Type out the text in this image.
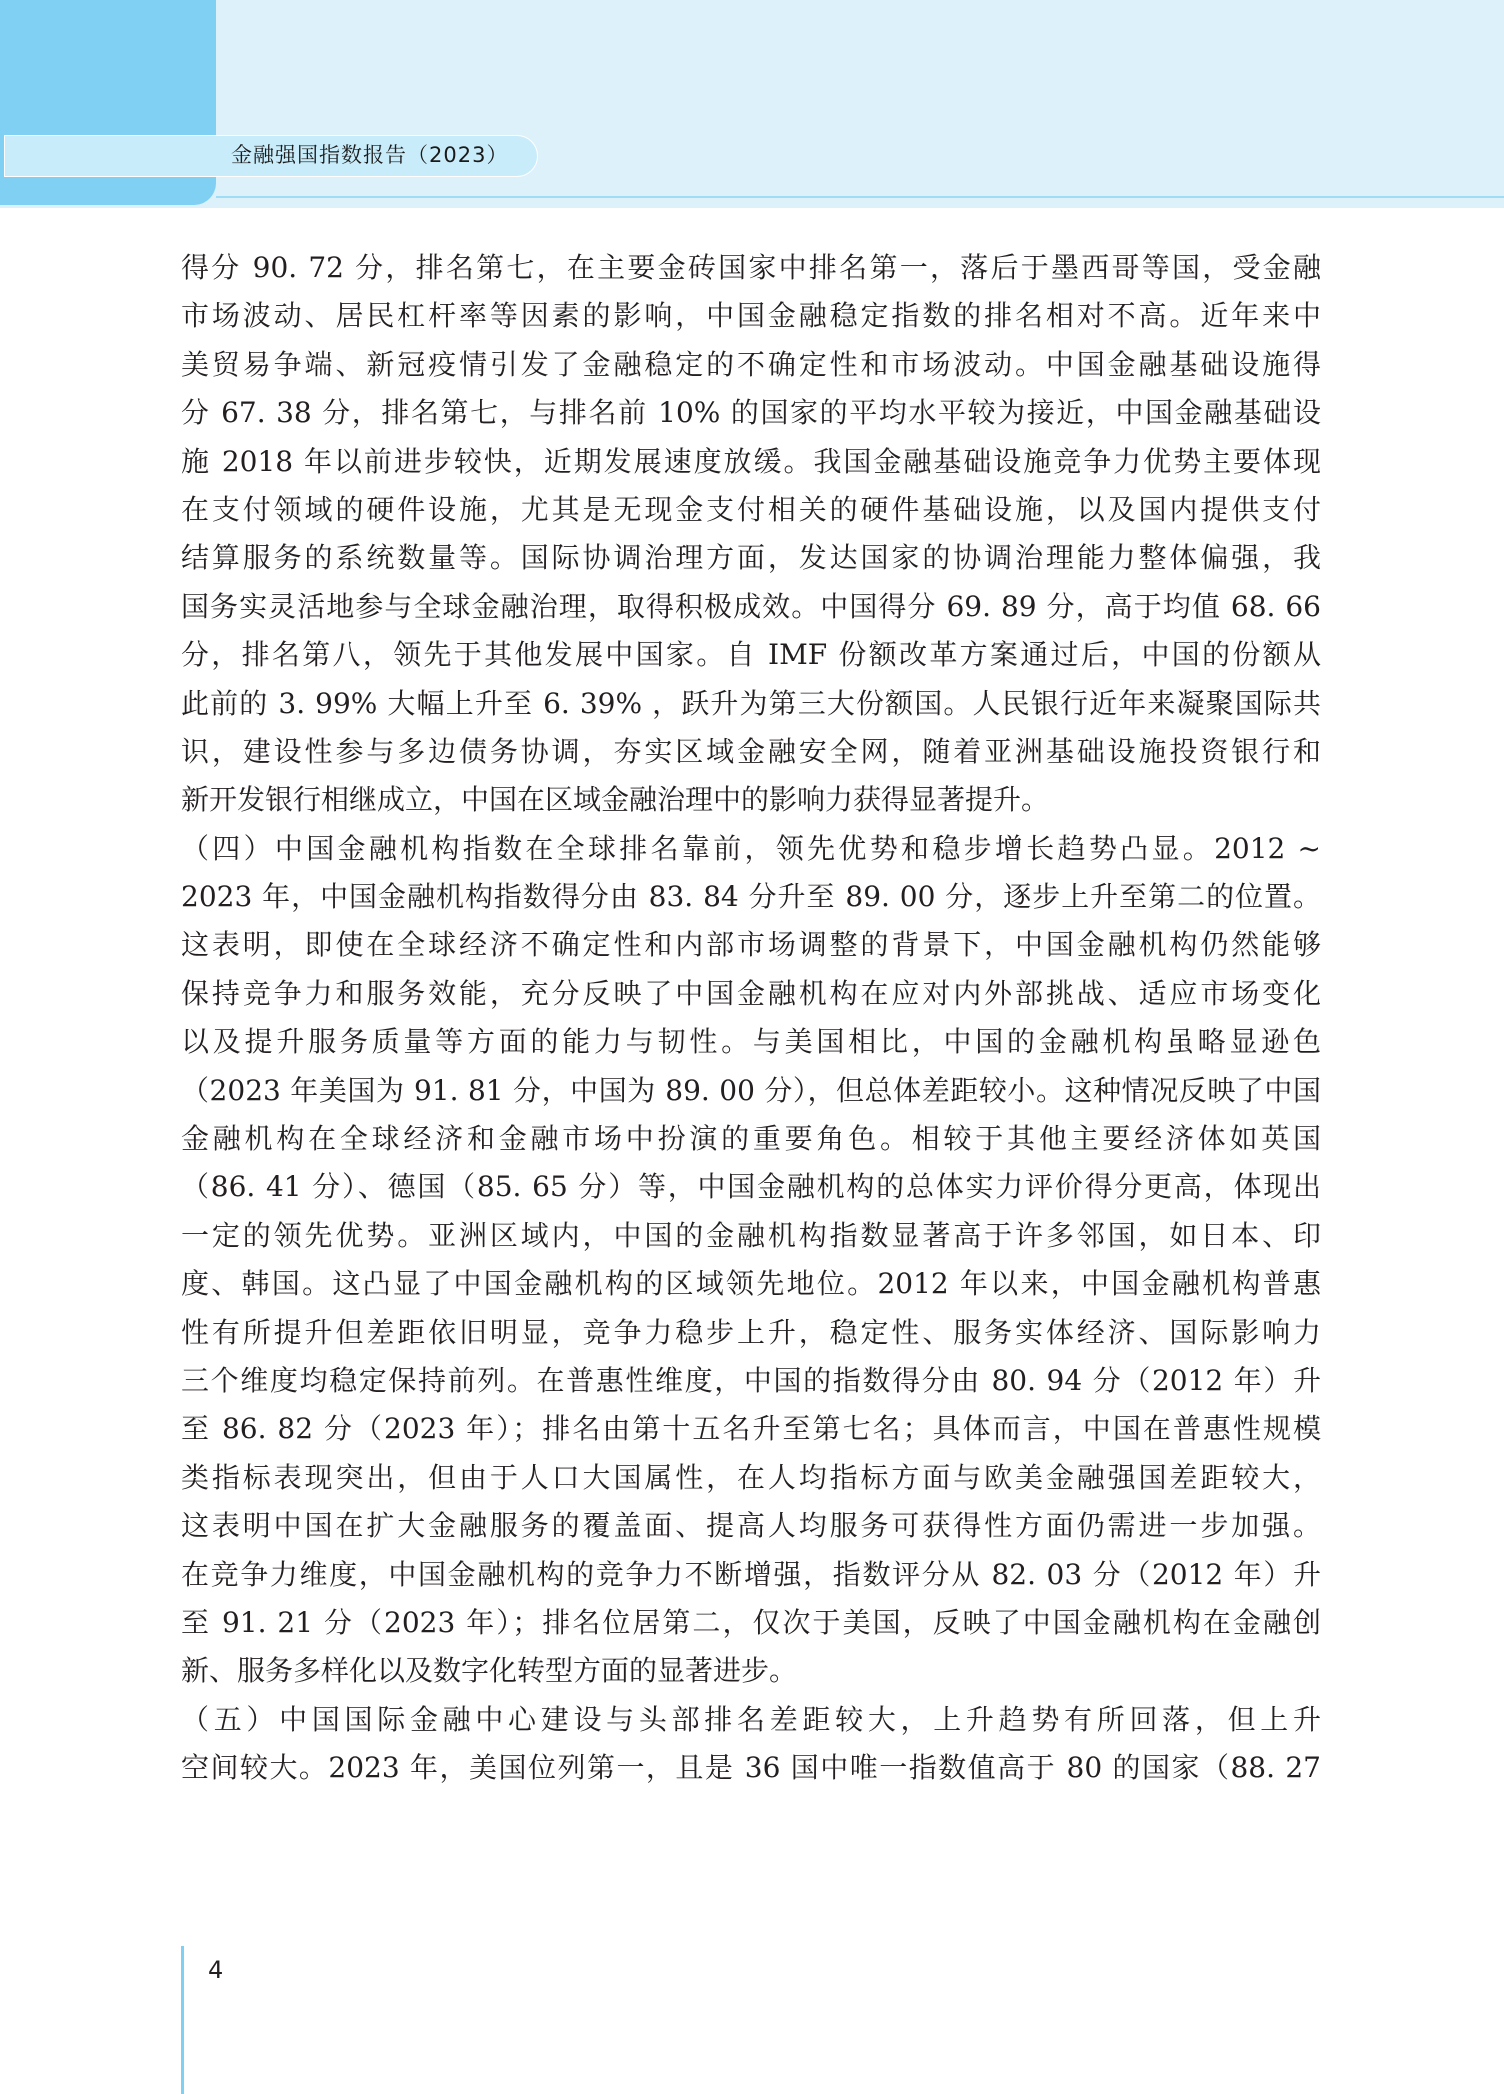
金融强国指数报告（2023）
得分 90. 72 分，排名第七，在主要金砖国家中排名第一，落后于墨西哥等国，受金融
市场波动、居民杠杆率等因素的影响，中国金融稳定指数的排名相对不高。近年来中
美贸易争端、新冠疫情引发了金融稳定的不确定性和市场波动。中国金融基础设施得
分 67. 38 分，排名第七，与排名前 10% 的国家的平均水平较为接近，中国金融基础设
施 2018 年以前进步较快，近期发展速度放缓。我国金融基础设施竞争力优势主要体现
在支付领域的硬件设施，尤其是无现金支付相关的硬件基础设施，以及国内提供支付
结算服务的系统数量等。国际协调治理方面，发达国家的协调治理能力整体偏强，我
国务实灵活地参与全球金融治理，取得积极成效。中国得分 69. 89 分，高于均值 68. 66
分，排名第八，领先于其他发展中国家。自 IMF 份额改革方案通过后，中国的份额从
此前的 3. 99% 大幅上升至 6. 39% ，跃升为第三大份额国。人民银行近年来凝聚国际共
识，建设性参与多边债务协调，夯实区域金融安全网，随着亚洲基础设施投资银行和
新开发银行相继成立，中国在区域金融治理中的影响力获得显著提升。
（四）中国金融机构指数在全球排名靠前，领先优势和稳步增长趋势凸显。2012 ~
2023 年，中国金融机构指数得分由 83. 84 分升至 89. 00 分，逐步上升至第二的位置。
这表明，即使在全球经济不确定性和内部市场调整的背景下，中国金融机构仍然能够
保持竞争力和服务效能，充分反映了中国金融机构在应对内外部挑战、适应市场变化
以及提升服务质量等方面的能力与韧性。与美国相比，中国的金融机构虽略显逊色
（2023 年美国为 91. 81 分，中国为 89. 00 分），但总体差距较小。这种情况反映了中国
金融机构在全球经济和金融市场中扮演的重要角色。相较于其他主要经济体如英国
（86. 41 分）、德国（85. 65 分）等，中国金融机构的总体实力评价得分更高，体现出
一定的领先优势。亚洲区域内，中国的金融机构指数显著高于许多邻国，如日本、印
度、韩国。这凸显了中国金融机构的区域领先地位。2012 年以来，中国金融机构普惠
性有所提升但差距依旧明显，竞争力稳步上升，稳定性、服务实体经济、国际影响力
三个维度均稳定保持前列。在普惠性维度，中国的指数得分由 80. 94 分（2012 年）升
至 86. 82 分（2023 年）；排名由第十五名升至第七名；具体而言，中国在普惠性规模
类指标表现突出，但由于人口大国属性，在人均指标方面与欧美金融强国差距较大，
这表明中国在扩大金融服务的覆盖面、提高人均服务可获得性方面仍需进一步加强。
在竞争力维度，中国金融机构的竞争力不断增强，指数评分从 82. 03 分（2012 年）升
至 91. 21 分（2023 年）；排名位居第二，仅次于美国，反映了中国金融机构在金融创
新、服务多样化以及数字化转型方面的显著进步。
（五）中国国际金融中心建设与头部排名差距较大，上升趋势有所回落，但上升
空间较大。2023 年，美国位列第一，且是 36 国中唯一指数值高于 80 的国家（88. 27
4
